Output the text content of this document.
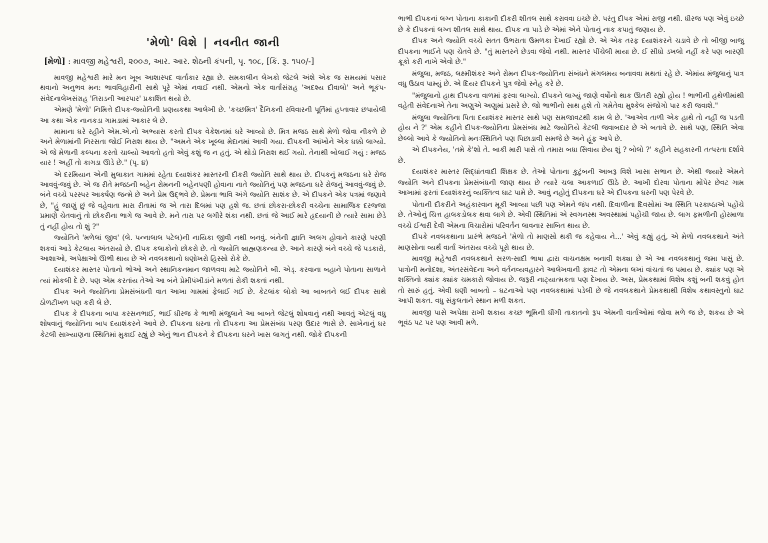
'મેળો' વિશે | નવનીત જાની
[મેળો] : માવજી મહેશ્વરી, ૨૦૦૭, આર. આર. શેઠની કંપની, પૃ. ૧૦૮, [કિં. રૂ. ૧૫૦/-]

માવજી મહેશ્વરી મારે મન ખૂબ આશાસ્પદ વાર્તાકાર રહ્યા છે. સમકાલીન લેખકો જેટલે અંશે એક જ સમયમાં પસાર થવાનો અનુભવ મન: ભાવવિહારીની સાથે પૂરે એમાં નવાઈ નથી. એમનો એક વાર્તાસંગ્રહ 'અદશ્ય દીવાલો' અને ભૂકંપ-સંવેદનાલેખસંગ્રહ 'તિરાડની આરપાર' પ્રકાશિત થયો છે.

એમણે 'મેળો' નિમિત્તે દીપક-જ્યોતિની પ્રણયકથા આલેખી છે. 'કચ્છમિત્ર' દૈનિકની રવિવારની પૂર્તિમાં હપ્તાવાર છપાયેલી આ કથા એક નાનકડા ગામડામાં આકાર લે છે.

મામાના ઘરે રહીને એમ.એ.નો અભ્યાસ કરતો દીપક વેકેશનમાં ઘરે આવ્યો છે. મિત્ર મજઠ સાથે મેળો જોવા નીકળે છે અને મેળામાંની નિરસતા જોઈ નિરાશ થાય છે. "અમને એક ખૂલ્લા મેદાનમાં આવી ગયા. દીપકની આંખોને એક ધક્કો લાગ્યો. એ જે મેળાની કલ્પના કરતો ચાલ્યો આવતો હતો એવું કશું જ ન હતું. એ થોડો નિરાશ થઈ ગયો. તેનાથી બોલાઈ ગયું : મજઠ યાર ! અહીં તો કાગડા ઊડે છે." (પૃ. ૪)

એ દરમિયાન એની મુલાકાત ગામમાં રહેતા દયાશંકર માસ્તરની દીકરી જ્યોતિ સાથે થાય છે. દીપકનું મજઠના ઘરે રોજ આવવું-જવું છે. એ જ રીતે મજઠની બહેન રોમનની બહેનપણી હોવાના નાતે જ્યોતિનું પણ મજઠના ઘરે રોજનું આવવું-જવું છે. બંને વચ્ચે પરસ્પર આકર્ષણ જન્મે છે અને પ્રેમ ઉદ્ભવે છે. પ્રેમના ભાવિ અંગે જ્યોતિ સાશંક છે. એ દીપકને એક પત્રમાં જણાવે છે, "હું જાણું છું જે વહેવાતા મારા રીતામાં જ એ તારા દિલમાં પણ હશે જ. છતાં છોકરા-છોકરી વચ્ચેના સામાજિક દરજ્જા પ્રમાણે ચેતવાનું તો છોકરીના ભાગે જ આવે છે. મને તારા પર લગીરે શંકા નથી. છતાં જે આઈ મારે હૃદયાની છે ત્યારે સામા છેડે તું નહીં હોય તો શું ?"

જ્યોતિને 'મળેલાં જીવ' (લે. પન્નાલાલ પટેલ)ની નાયિકા જીવી નથી બનવું. બંનેની જ્ઞાતિ અલગ હોવાને કારણે પરણી શકવાં આડે કેટલાય અંતરાયો છે. દીપક કલાકોનો છોકરો છે. તો જ્યોતિ બ્રાહ્મણકન્યા છે. આને કારણે બંને વચ્ચે જે પડકારો, આશાઓ, અપેક્ષાઓ ઊભી થાય છે એ નવલકથાનો ઘણોખરો હિસ્સો રોકે છે.

દયાશંકર માસ્તર પોતાનો ભોઓ અને સ્થાનિકનમાન જાળવવા માટે જ્યોતિને બી. એડ્. કરવાના બહાને પોતાના સાળાને ત્યાં મોકલી દે છે. પણ એમ કરતાંય તેઓ આ બંને પ્રેમીપંખીડાંને મળતાં રોકી શકતાં નથી.

દીપક અને જ્યોતિના પ્રેમસંબંધની વાત આખા ગામમાં ફેલાઈ ગઈ છે. કેટલાંક લોકો આ બાબતને લઈ દીપક સાથે ઠોળટીખળ પણ કરી લે છે.

દીપક કે દીપકના બાપા કરસનભાઈ, ભાઈ ધીરજ કે ભાભી મંજુલાને આ બાબતે જેટલું શોષવાનું નથી આવતું એટલું વધુ શોષવાનું જ્યોતિના બાપ દયાશંકરને આવે છે. દીપકના ઘરના તો દીપકના આ પ્રેમસંબંધ પરણ ઉદાર ભાસે છે. સાખેનાનું ઘર કેટલી સાખ્યાણના સ્થિતિમાં મુકાઈ રહ્યું છે એનું ભાન દીપકને કે દીપકના ઘરને ખાસ લાગતું નથી. જોકે દીપકની

ભાભી દીપકનાં લગ્ન પોતાના કાકાની દીકરી શીતલ સાથે કરાવવા ઇચ્છે છે. પરંતુ દીપક એમાં રાજી નથી. ધીરજ પણ એવું ઇચ્છે છે કે દીપકનાં લગ્ન શીતલ સાથે થાય. દીપક ના પાડે છે એમાં એને પોતાનું નાક કપાતું જણાય છે.

દીપક અને જ્યોતિ વચ્ચે સતત ઉભરાતા ઉમળકા દેખાઈ રહ્યો છે. એ એક તરફ દયાશંકરને ચડાવે છે તો બીજી બાજુ દીપકના ભાઈને પણ ચેતવે છે. "તું માસ્તરને છેડવા જેવો નથી. માસ્તર પીંચેલી માયા છે. ઈ સીધો ડખલો નહીં કરે પણ બારણી ક્રૂકો કરી નાખે એવો છે."

મંજુલા, મજઠ, લક્ષ્મીશંકર અને રોમન દીપક-જ્યોતિના સંબંધને મંગલમય બનાવવા મથતાં રહે છે. એમાંય મંજુલાનું પાત્ર વધુ ઉઠાવ પામ્યું છે. એ દિયર દીપકને પુત્ર જેવો સ્નેહ કરે છે.

"મંજુલાનો હાથ દીપકના વાળમાં ફરવા લાગ્યો. દીપકને લાગ્યું જાણે વર્ષોનો થાક ઊતરી રહ્યો હોય ! ભાભીની હથેળીમાંથી વહેતી સંવેદનાએ તેના અણુએ અણુમાં પ્રસરે છે. જો ભાભીનો સાથ હશે તો ગમેતેવા મુશ્કેલ સંજોગો પાર કરી જવાશે."

મંજુલા જ્યોતિના પિતા દયાશંકર માસ્તર સાથે પણ સમજાવટથી કામ લે છે. 'આએવ તાળી એક હાથે તો નહીં જ પડતી હોય ને ?' એમ કહીને દીપક-જ્યોતિના પ્રેમસંબંધ માટે જ્યોતિયે કેટલી જવાબદાર છે એ બતાવે છે. સાથે પણ, સ્થિતિ એવા છેલ્લો આવે કે જ્યોતિનો મનઃસ્થિતિને પણ પિછાડાવી સમજે છે અને હૂંફ આપે છે.

એ દીપકનેય, 'તમે કે'શો તે. બાકી મારી પાસે તો તમારા બધા સિવાય છેય શું ? બોલો ?' કહીને સહકારની તત્પરતા દર્શાવે છે.

દયાશંકર માસ્તર સિદ્ધાંતવાદી શિક્ષક છે. તેઓ પોતાના કુટુંબની આબરૂ વિશે ખાસા સભાન છે. એથી જ્યારે એમને જ્યોતિ અને દીપકના પ્રેમસંબંધની જાણ થાય છે ત્યારે ચલા આકળાઈ ઊઠે છે. આખી દોરવા પોતાના મોંપેર છેવટ ગામ આખામાં ફરતાં દયાશંકરનું વ્યક્તિત્વ ઘાટ પામે છે. આવું નહોતું દીપકના ઘરે એ દીપકના ઘરની પણ પેરવે છે.

પોતાની દીકરીને અહંકારવાન મૂકી આવ્યા પછી પણ એમને જંપ નથી. દિવાળીના દિવસોમાં આ સ્થિતિ પરકાષ્ઠાએ પહોંચે છે. તેઓનું ચિત્ત હાલકડોલક થવા લાગે છે. એવી સ્થિતિમાં એ સ્વગનસ્થ અવસ્થામાં પહોંચી જાય છે. લાગ ફમળીની હોરમાળા વચ્ચે ઈશ્વરી દેવી એમના વિચારોમાં પરિવર્તન લાવનાર સાબિત થાય છે.

દીપકે નવલકથાના પ્રારંભે મજઠને 'મેળો તો માણસો થકી જ કહેવાય ને...' એવું કહ્યું હતું, એ મેળો નવલકથાને અંતે માણસોના વ્યર્થ વાર્તા અંતરાય વચ્ચે પૂરો થાય છે.

માવજી મહેશ્વરી નવલકથાને સરળ-સાદી ભાષા દ્વારા વાચનક્ષમ બનાવી શક્યા છે એ આ નવલકથાનું જમા પાસું છે. પાત્રોની મનોદશા, અંતરસંવેદના અને વર્તનવ્યવહારને આલેખવાની ફાવટ તો એમના લખાં વાંચતાં જ પમાય છે. ક્યાંક પણ એ શક્તિનો ક્યાંક ક્યાંક ચમકારો જોવાય છે. જરૂરી નાટ્યાત્મકતા પણ દેખાય છે. અસ, પ્રેમકથામાં વિશેષ કશું બની શકવું હોત તો સારું હતું. એવી ઘણી બાબતો – ઘટનાઓ પણ નવલકથામાં પડેલી છે જે નવલકથાને પ્રેમકથાથી વિશેષ કથાવસ્તુનો ઘાટ આપી શકત. વધુ સંકુલતાને સ્થાન મળી શકત.

માવજી પાસે અપેક્ષા રાખી શકાય કચ્છ ભૂમિની ધીંગી તાકાતનો રૂપ એમની વાર્તાઓમાં જોવા મળે જ છે, શકય છે એ ભૂવંઠ પટ પર પણ આવી મળે.
